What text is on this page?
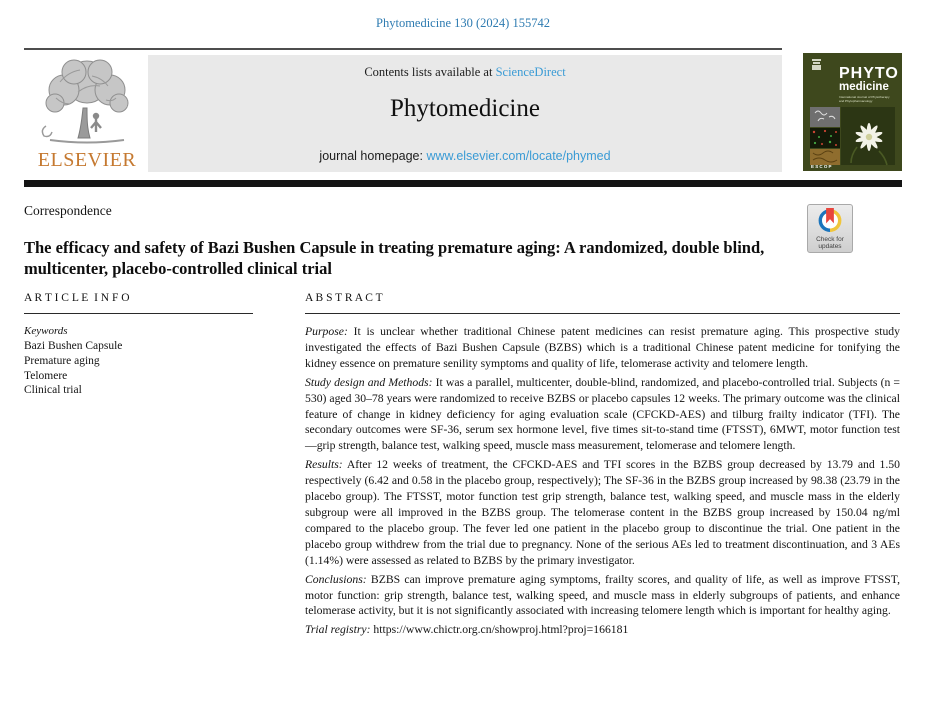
Phytomedicine 130 (2024) 155742
ELSEVIER
Contents lists available at ScienceDirect
Phytomedicine
journal homepage: www.elsevier.com/locate/phymed
PHYTO
medicine
International Journal of Phytotherapy
and Phytopharmacology
ESCOP
Correspondence
The efficacy and safety of Bazi Bushen Capsule in treating premature aging: A randomized, double blind, multicenter, placebo-controlled clinical trial
Check for updates
A R T I C L E  I N F O
Keywords
Bazi Bushen Capsule
Premature aging
Telomere
Clinical trial
A B S T R A C T

Purpose: It is unclear whether traditional Chinese patent medicines can resist premature aging. This prospective study investigated the effects of Bazi Bushen Capsule (BZBS) which is a traditional Chinese patent medicine for tonifying the kidney essence on premature senility symptoms and quality of life, telomerase activity and telomere length.

Study design and Methods: It was a parallel, multicenter, double-blind, randomized, and placebo-controlled trial. Subjects (n = 530) aged 30–78 years were randomized to receive BZBS or placebo capsules 12 weeks. The primary outcome was the clinical feature of change in kidney deficiency for aging evaluation scale (CFCKD-AES) and tilburg frailty indicator (TFI). The secondary outcomes were SF-36, serum sex hormone level, five times sit-to-stand time (FTSST), 6MWT, motor function test—grip strength, balance test, walking speed, muscle mass measurement, telomerase and telomere length.

Results: After 12 weeks of treatment, the CFCKD-AES and TFI scores in the BZBS group decreased by 13.79 and 1.50 respectively (6.42 and 0.58 in the placebo group, respectively); The SF-36 in the BZBS group increased by 98.38 (23.79 in the placebo group). The FTSST, motor function test grip strength, balance test, walking speed, and muscle mass in the elderly subgroup were all improved in the BZBS group. The telomerase content in the BZBS group increased by 150.04 ng/ml compared to the placebo group. The fever led one patient in the placebo group to discontinue the trial. One patient in the placebo group withdrew from the trial due to pregnancy. None of the serious AEs led to treatment discontinuation, and 3 AEs (1.14%) were assessed as related to BZBS by the primary investigator.

Conclusions: BZBS can improve premature aging symptoms, frailty scores, and quality of life, as well as improve FTSST, motor function: grip strength, balance test, walking speed, and muscle mass in elderly subgroups of patients, and enhance telomerase activity, but it is not significantly associated with increasing telomere length which is important for healthy aging.

Trial registry: https://www.chictr.org.cn/showproj.html?proj=166181
